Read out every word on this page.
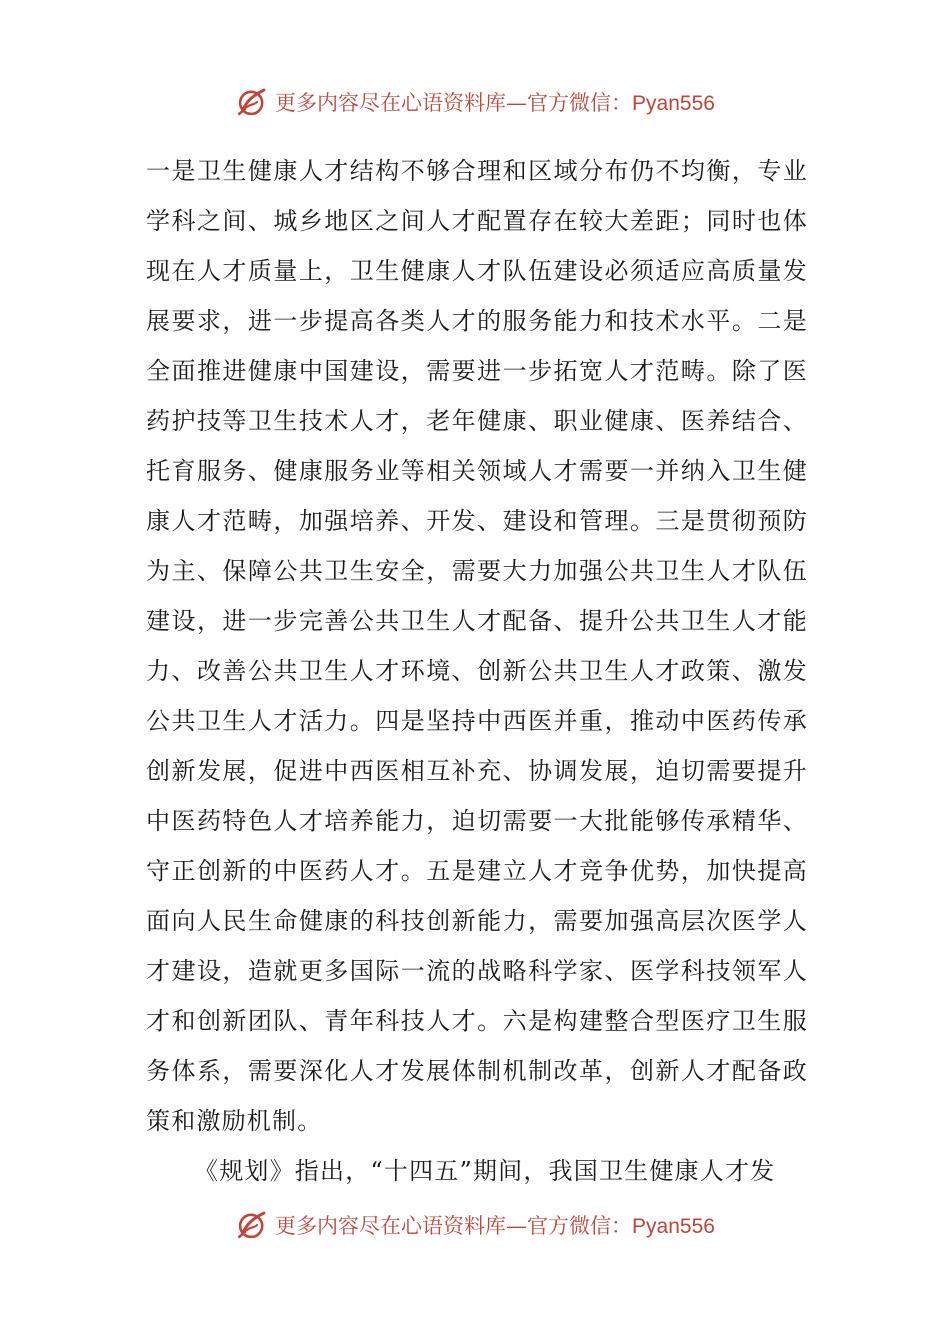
更多内容尽在心语资料库—官方微信：Pyan556

一是卫生健康人才结构不够合理和区域分布仍不均衡，专业学科之间、城乡地区之间人才配置存在较大差距；同时也体现在人才质量上，卫生健康人才队伍建设必须适应高质量发展要求，进一步提高各类人才的服务能力和技术水平。二是全面推进健康中国建设，需要进一步拓宽人才范畴。除了医药护技等卫生技术人才，老年健康、职业健康、医养结合、托育服务、健康服务业等相关领域人才需要一并纳入卫生健康人才范畴，加强培养、开发、建设和管理。三是贯彻预防为主、保障公共卫生安全，需要大力加强公共卫生人才队伍建设，进一步完善公共卫生人才配备、提升公共卫生人才能力、改善公共卫生人才环境、创新公共卫生人才政策、激发公共卫生人才活力。四是坚持中西医并重，推动中医药传承创新发展，促进中西医相互补充、协调发展，迫切需要提升中医药特色人才培养能力，迫切需要一大批能够传承精华、守正创新的中医药人才。五是建立人才竞争优势，加快提高面向人民生命健康的科技创新能力，需要加强高层次医学人才建设，造就更多国际一流的战略科学家、医学科技领军人才和创新团队、青年科技人才。六是构建整合型医疗卫生服务体系，需要深化人才发展体制机制改革，创新人才配备政策和激励机制。

《规划》指出，“十四五”期间，我国卫生健康人才发

更多内容尽在心语资料库—官方微信：Pyan556
